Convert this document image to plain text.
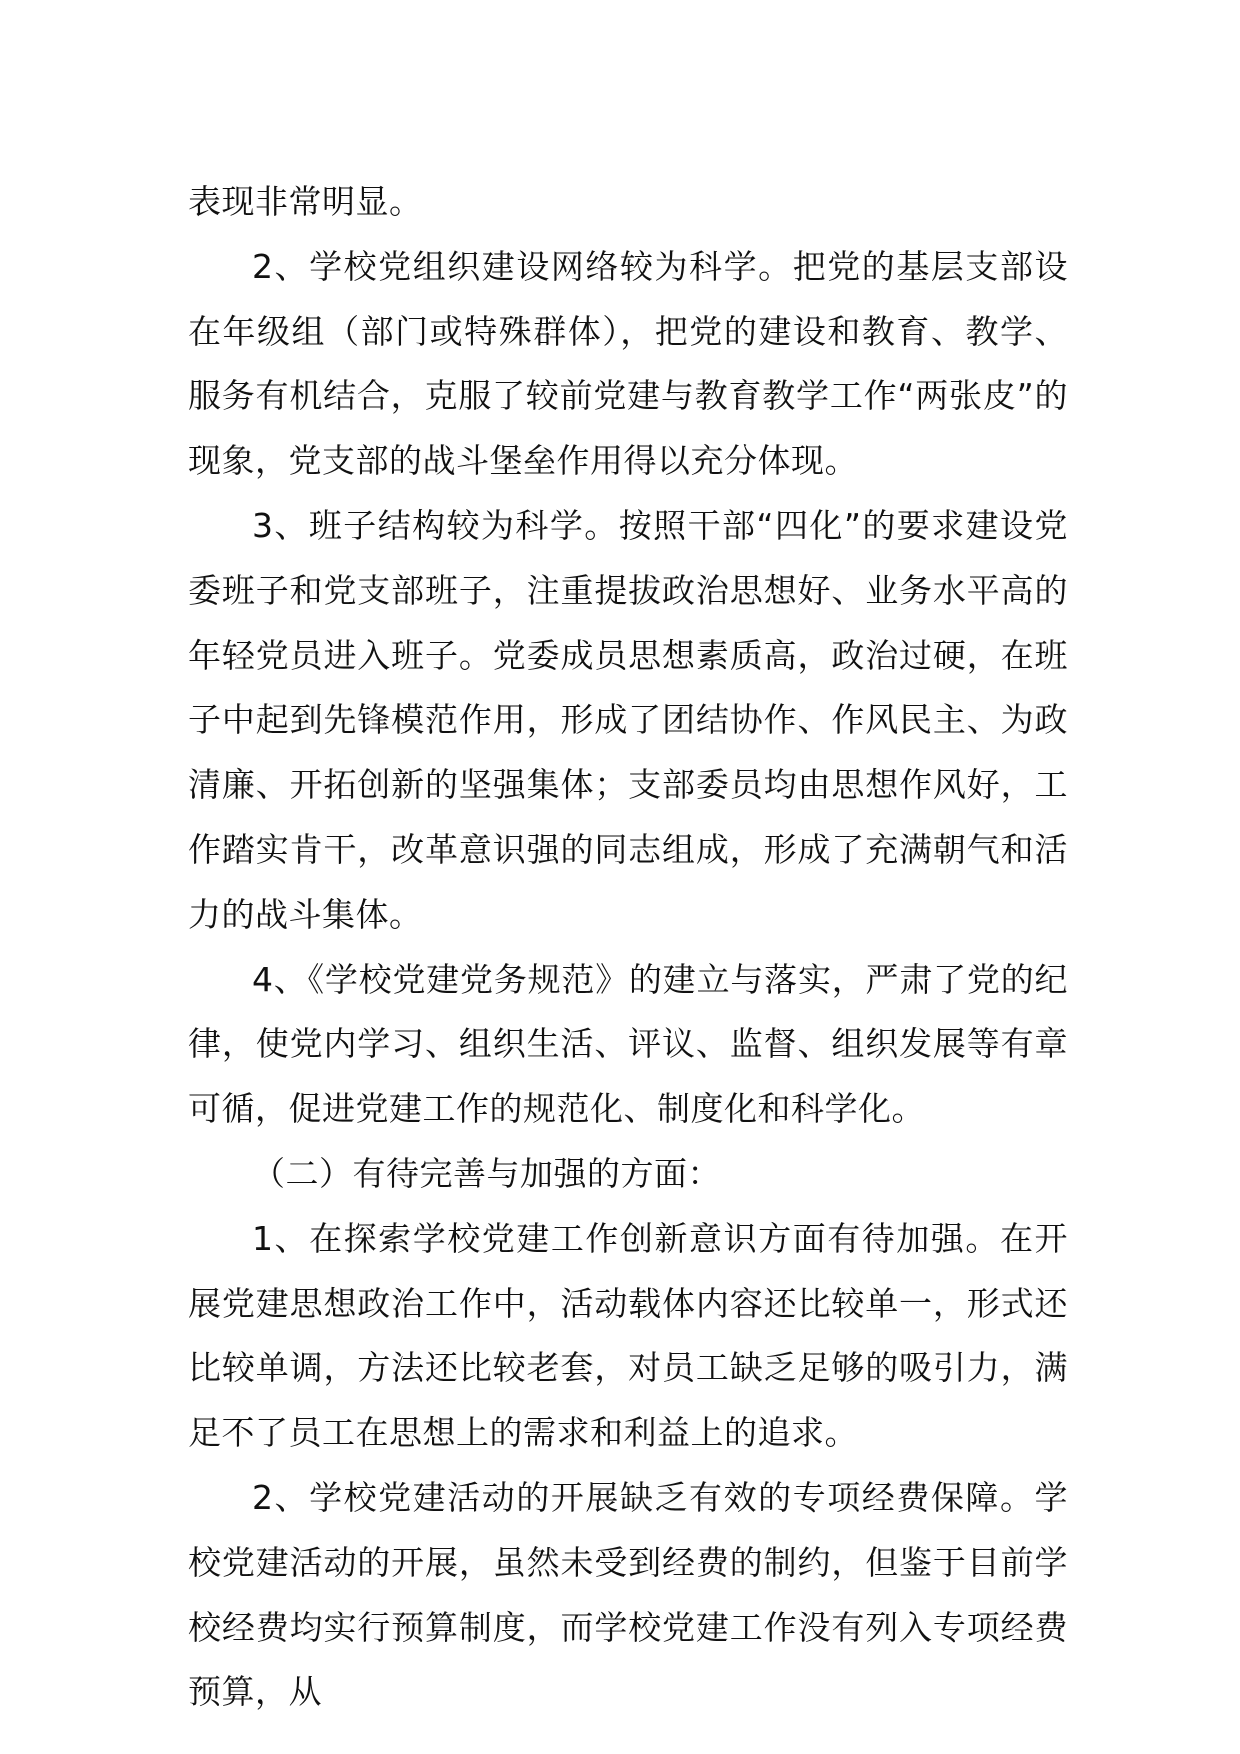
表现非常明显。

2、学校党组织建设网络较为科学。把党的基层支部设在年级组（部门或特殊群体），把党的建设和教育、教学、服务有机结合，克服了较前党建与教育教学工作“两张皮”的现象，党支部的战斗堡垒作用得以充分体现。

3、班子结构较为科学。按照干部“四化”的要求建设党委班子和党支部班子，注重提拔政治思想好、业务水平高的年轻党员进入班子。党委成员思想素质高，政治过硬，在班子中起到先锋模范作用，形成了团结协作、作风民主、为政清廉、开拓创新的坚强集体；支部委员均由思想作风好，工作踏实肯干，改革意识强的同志组成，形成了充满朝气和活力的战斗集体。

4、《学校党建党务规范》的建立与落实，严肃了党的纪律，使党内学习、组织生活、评议、监督、组织发展等有章可循，促进党建工作的规范化、制度化和科学化。

（二）有待完善与加强的方面：

1、在探索学校党建工作创新意识方面有待加强。在开展党建思想政治工作中，活动载体内容还比较单一，形式还比较单调，方法还比较老套，对员工缺乏足够的吸引力，满足不了员工在思想上的需求和利益上的追求。

2、学校党建活动的开展缺乏有效的专项经费保障。学校党建活动的开展，虽然未受到经费的制约，但鉴于目前学校经费均实行预算制度，而学校党建工作没有列入专项经费预算，从
